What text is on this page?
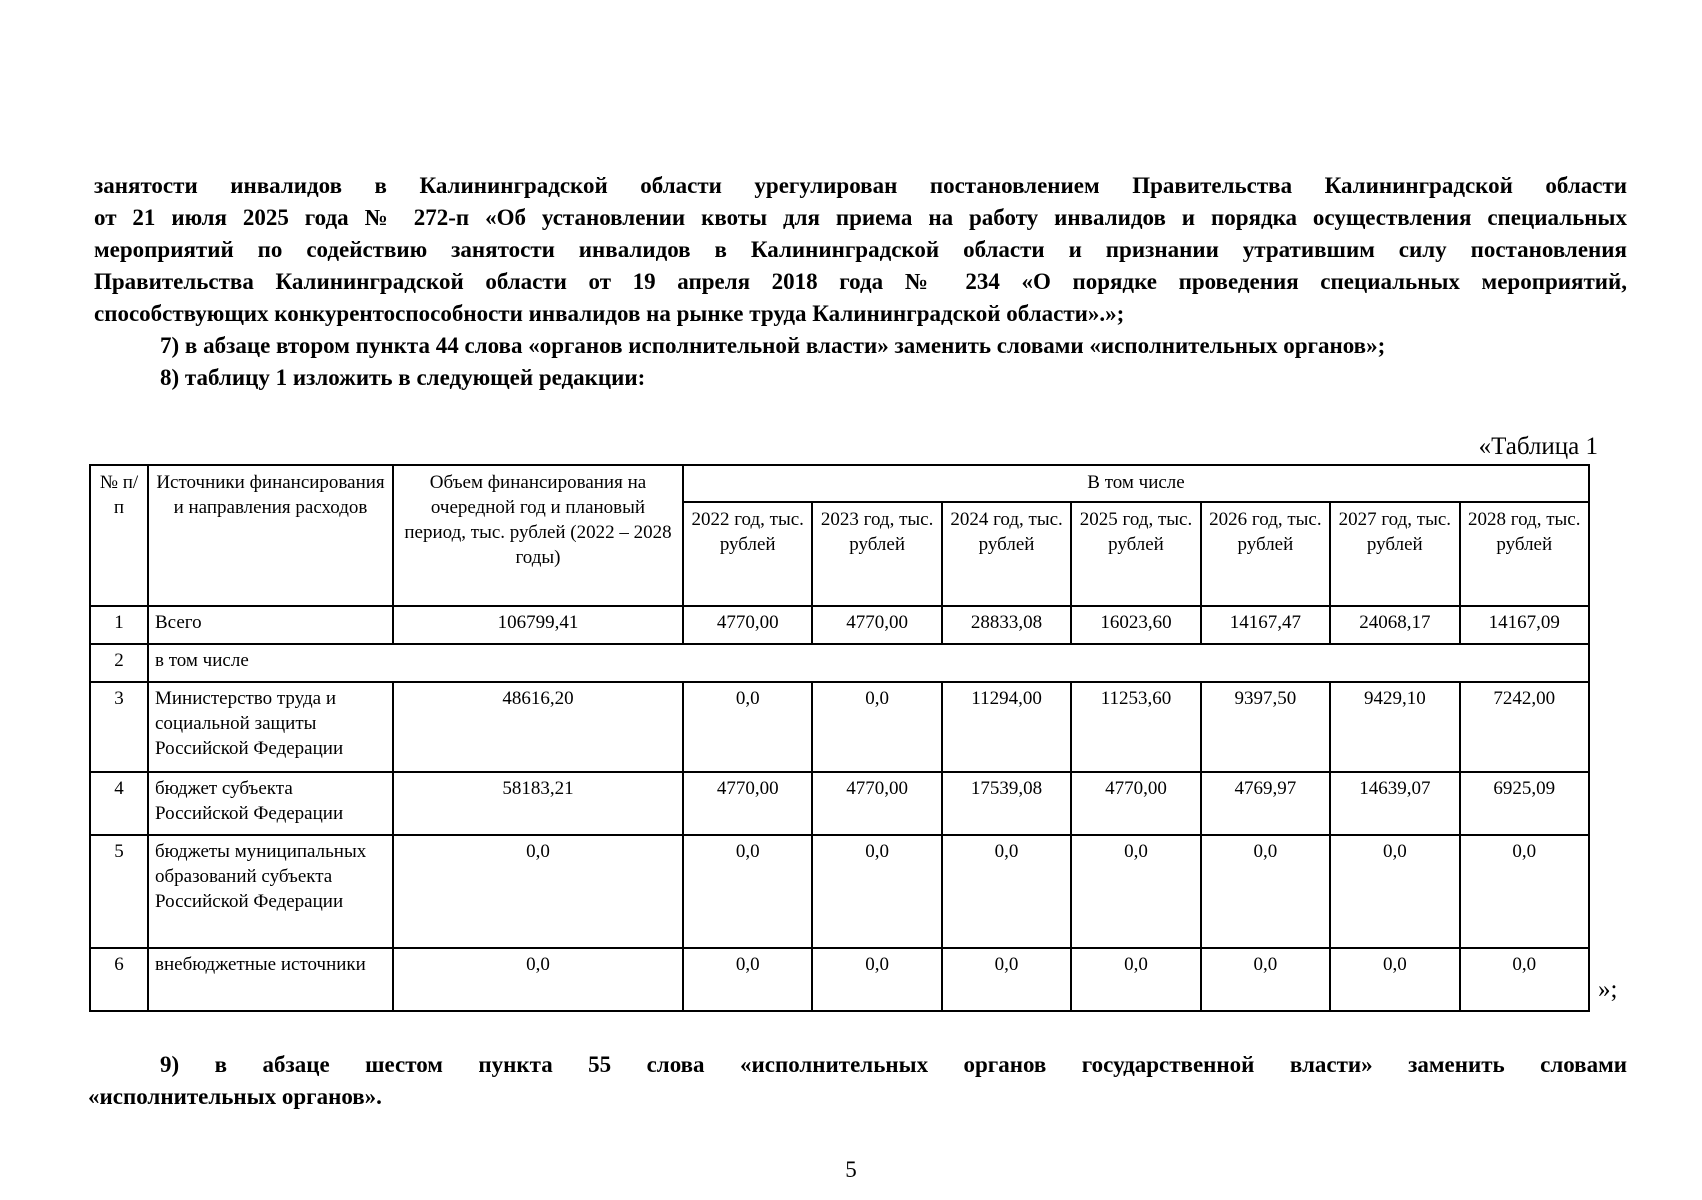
занятости инвалидов в Калининградской области урегулирован постановлением Правительства Калининградской области
от 21 июля 2025 года № 272-п «Об установлении квоты для приема на работу инвалидов и порядка осуществления специальных
мероприятий по содействию занятости инвалидов в Калининградской области и признании утратившим силу постановления
Правительства Калининградской области от 19 апреля 2018 года № 234 «О порядке проведения специальных мероприятий,
способствующих конкурентоспособности инвалидов на рынке труда Калининградской области».»;
7) в абзаце втором пункта 44 слова «органов исполнительной власти» заменить словами «исполнительных органов»;
8) таблицу 1 изложить в следующей редакции:
«Таблица 1
№ п/п	Источники финансирования и направления расходов	Объем финансирования на очередной год и плановый период, тыс. рублей (2022 – 2028 годы)	В том числе						
			2022 год, тыс. рублей	2023 год, тыс. рублей	2024 год, тыс. рублей	2025 год, тыс. рублей	2026 год, тыс. рублей	2027 год, тыс. рублей	2028 год, тыс. рублей
1	Всего	106799,41	4770,00	4770,00	28833,08	16023,60	14167,47	24068,17	14167,09
2	в том числе								
3	Министерство труда и социальной защиты Российской Федерации	48616,20	0,0	0,0	11294,00	11253,60	9397,50	9429,10	7242,00
4	бюджет субъекта Российской Федерации	58183,21	4770,00	4770,00	17539,08	4770,00	4769,97	14639,07	6925,09
5	бюджеты муниципальных образований субъекта Российской Федерации	0,0	0,0	0,0	0,0	0,0	0,0	0,0	0,0
6	внебюджетные источники	0,0	0,0	0,0	0,0	0,0	0,0	0,0	0,0
»;
9) в абзаце шестом пункта 55 слова «исполнительных органов государственной власти» заменить словами
«исполнительных органов».
5
